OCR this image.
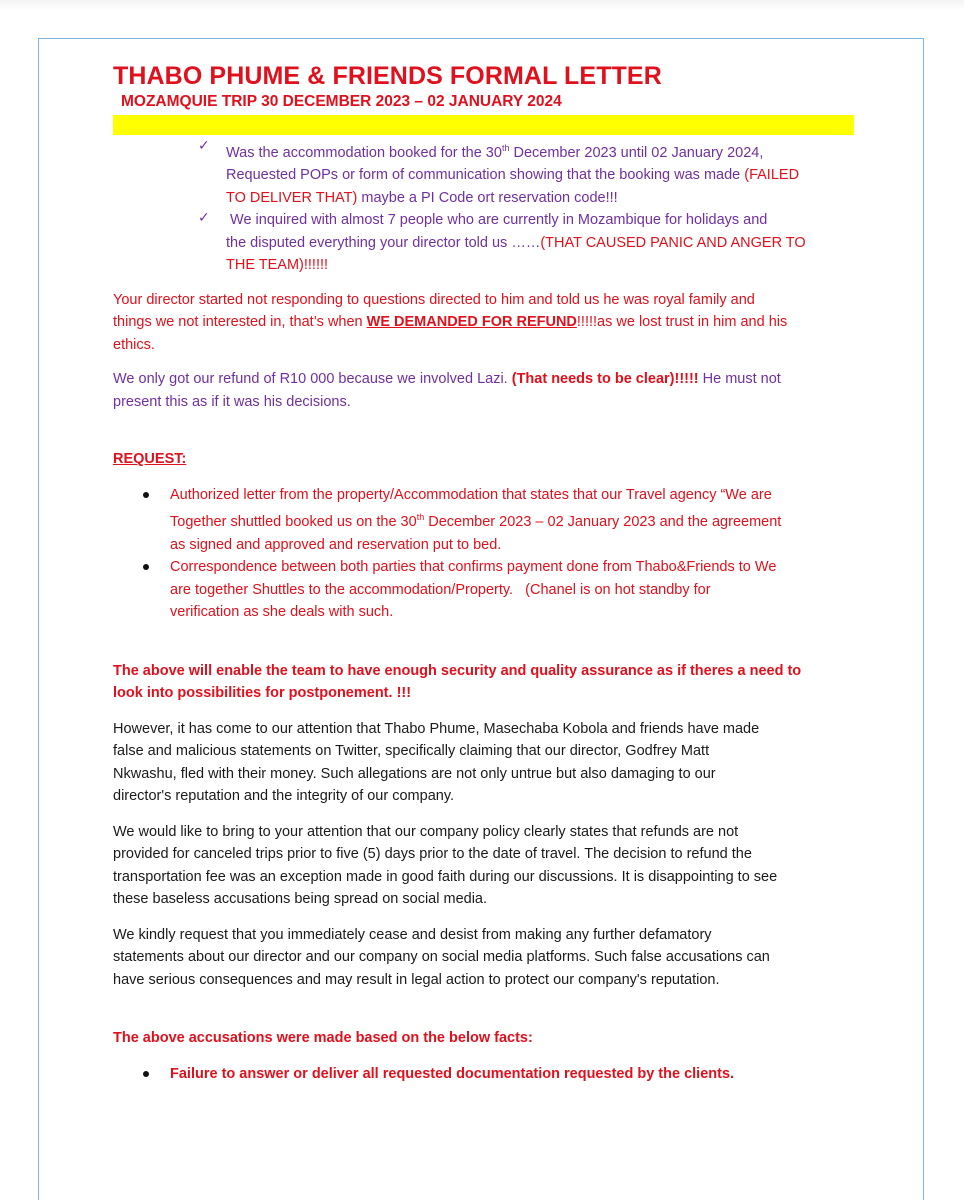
THABO PHUME & FRIENDS FORMAL LETTER

MOZAMQUIE TRIP 30 DECEMBER 2023 – 02 JANUARY 2024

✓ Was the accommodation booked for the 30th December 2023 until 02 January 2024,

Requested POPs or form of communication showing that the booking was made (FAILED

TO DELIVER THAT) maybe a PI Code ort reservation code!!!

✓ We inquired with almost 7 people who are currently in Mozambique for holidays and

the disputed everything your director told us ……(THAT CAUSED PANIC AND ANGER TO

THE TEAM)!!!!!!

Your director started not responding to questions directed to him and told us he was royal family and

things we not interested in, that’s when WE DEMANDED FOR REFUND!!!!!as we lost trust in him and his

ethics.

We only got our refund of R10 000 because we involved Lazi. (That needs to be clear)!!!!! He must not

present this as if it was his decisions.

REQUEST:

Authorized letter from the property/Accommodation that states that our Travel agency “We are

Together shuttled booked us on the 30th December 2023 – 02 January 2023 and the agreement

as signed and approved and reservation put to bed.

Correspondence between both parties that confirms payment done from Thabo&Friends to We

are together Shuttles to the accommodation/Property.   (Chanel is on hot standby for

verification as she deals with such.

The above will enable the team to have enough security and quality assurance as if theres a need to

look into possibilities for postponement. !!!

However, it has come to our attention that Thabo Phume, Masechaba Kobola and friends have made

false and malicious statements on Twitter, specifically claiming that our director, Godfrey Matt

Nkwashu, fled with their money. Such allegations are not only untrue but also damaging to our

director's reputation and the integrity of our company.

We would like to bring to your attention that our company policy clearly states that refunds are not

provided for canceled trips prior to five (5) days prior to the date of travel. The decision to refund the

transportation fee was an exception made in good faith during our discussions. It is disappointing to see

these baseless accusations being spread on social media.

We kindly request that you immediately cease and desist from making any further defamatory

statements about our director and our company on social media platforms. Such false accusations can

have serious consequences and may result in legal action to protect our company's reputation.

The above accusations were made based on the below facts:

Failure to answer or deliver all requested documentation requested by the clients.
